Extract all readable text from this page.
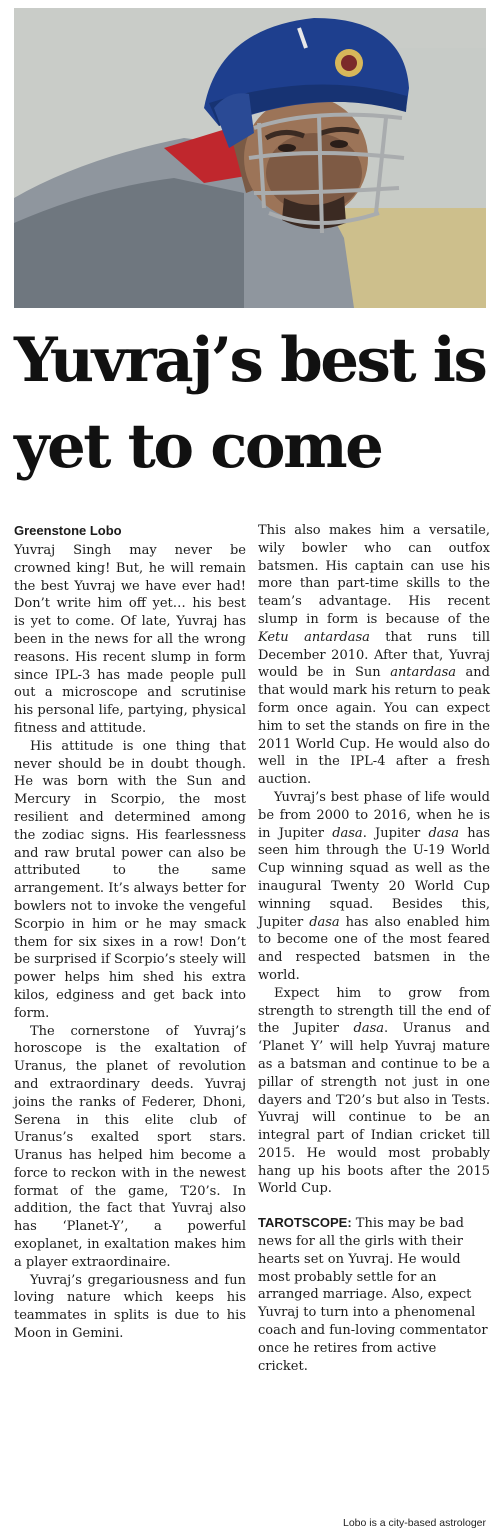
Yuvraj’s best is
yet to come
Greenstone Lobo

Yuvraj Singh may never be crowned king! But, he will remain the best Yuvraj we have ever had! Don’t write him off yet… his best is yet to come. Of late, Yuvraj has been in the news for all the wrong reasons. His recent slump in form since IPL-3 has made people pull out a microscope and scrutinise his personal life, partying, physical fitness and attitude.

His attitude is one thing that never should be in doubt though. He was born with the Sun and Mercury in Scorpio, the most resilient and determined among the zodiac signs. His fearlessness and raw brutal power can also be attributed to the same arrangement. It’s always better for bowlers not to invoke the vengeful Scorpio in him or he may smack them for six sixes in a row! Don’t be surprised if Scorpio’s steely will power helps him shed his extra kilos, edginess and get back into form.

The cornerstone of Yuvraj’s horoscope is the exaltation of Uranus, the planet of revolution and extraordinary deeds. Yuvraj joins the ranks of Federer, Dhoni, Serena in this elite club of Uranus’s exalted sport stars. Uranus has helped him become a force to reckon with in the newest format of the game, T20’s. In addition, the fact that Yuvraj also has ‘Planet-Y’, a powerful exoplanet, in exaltation makes him a player extraordinaire.

Yuvraj’s gregariousness and fun loving nature which keeps his teammates in splits is due to his Moon in Gemini.

This also makes him a versatile, wily bowler who can outfox batsmen. His captain can use his more than part-time skills to the team’s advantage. His recent slump in form is because of the Ketu antardasa that runs till December 2010. After that, Yuvraj would be in Sun antardasa and that would mark his return to peak form once again. You can expect him to set the stands on fire in the 2011 World Cup. He would also do well in the IPL-4 after a fresh auction.

Yuvraj’s best phase of life would be from 2000 to 2016, when he is in Jupiter dasa. Jupiter dasa has seen him through the U-19 World Cup winning squad as well as the inaugural Twenty 20 World Cup winning squad. Besides this, Jupiter dasa has also enabled him to become one of the most feared and respected batsmen in the world.

Expect him to grow from strength to strength till the end of the Jupiter dasa. Uranus and ‘Planet Y’ will help Yuvraj mature as a batsman and continue to be a pillar of strength not just in one dayers and T20’s but also in Tests. Yuvraj will continue to be an integral part of Indian cricket till 2015. He would most probably hang up his boots after the 2015 World Cup.

TAROTSCOPE: This may be bad news for all the girls with their hearts set on Yuvraj. He would most probably settle for an arranged marriage. Also, expect Yuvraj to turn into a phenomenal coach and fun-loving commentator once he retires from active cricket.

Lobo is a city-based astrologer
